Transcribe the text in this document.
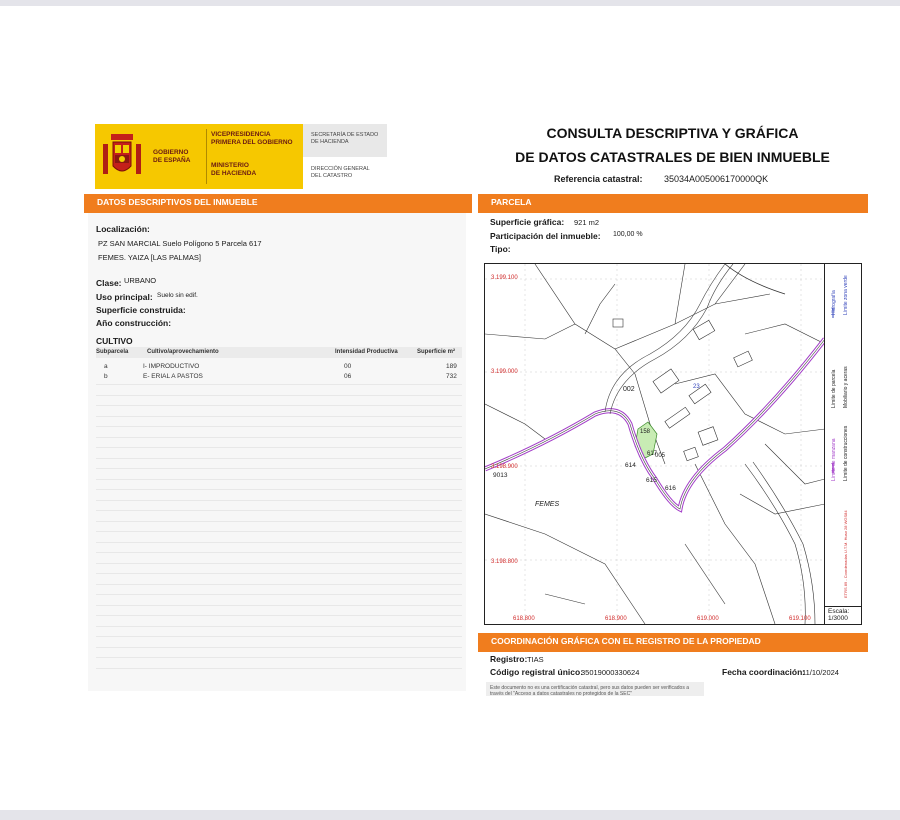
GOBIERNO
DE ESPAÑA
VICEPRESIDENCIA
PRIMERA DEL GOBIERNO
MINISTERIO
DE HACIENDA
SECRETARÍA DE ESTADO
DE HACIENDA
DIRECCIÓN GENERAL
DEL CATASTRO
CONSULTA DESCRIPTIVA Y GRÁFICA
DE DATOS CATASTRALES DE BIEN INMUEBLE
Referencia catastral: 35034A005006170000QK
DATOS DESCRIPTIVOS DEL INMUEBLE
Localización:
PZ SAN MARCIAL Suelo Polígono 5 Parcela 617
FEMES. YAIZA [LAS PALMAS]
Clase: URBANO
Uso principal: Suelo sin edif.
Superficie construida:
Año construcción:
CULTIVO
Subparcela	Cultivo/aprovechamiento	Intensidad Productiva	Superficie m²
a	I- IMPRODUCTIVO	00	189
b	E- ERIAL A PASTOS	06	732
PARCELA
Superficie gráfica: 921 m2
Participación del inmueble: 100,00 %
Tipo:
3.199.100
3.199.000
3.198.900
3.198.800
618.800	618.900	619.000	619.100
002	23
158
617
005
614
615
616
9013
FEMES
Hidrografía Límite zona verde
Límite de parcela Mobiliario y aceras
Límite de manzana Límite de construcciones
ETRS 89 - Coordenadas U.T.M. Huso 28 WGS84
Escala:
1/3000
COORDINACIÓN GRÁFICA CON EL REGISTRO DE LA PROPIEDAD
Registro: TIAS
Código registral único:
35019000330624	Fecha coordinación:
11/10/2024
Este documento no es una certificación catastral, pero sus datos pueden ser verificados a través del "Acceso a datos catastrales no protegidos de la SEC"
